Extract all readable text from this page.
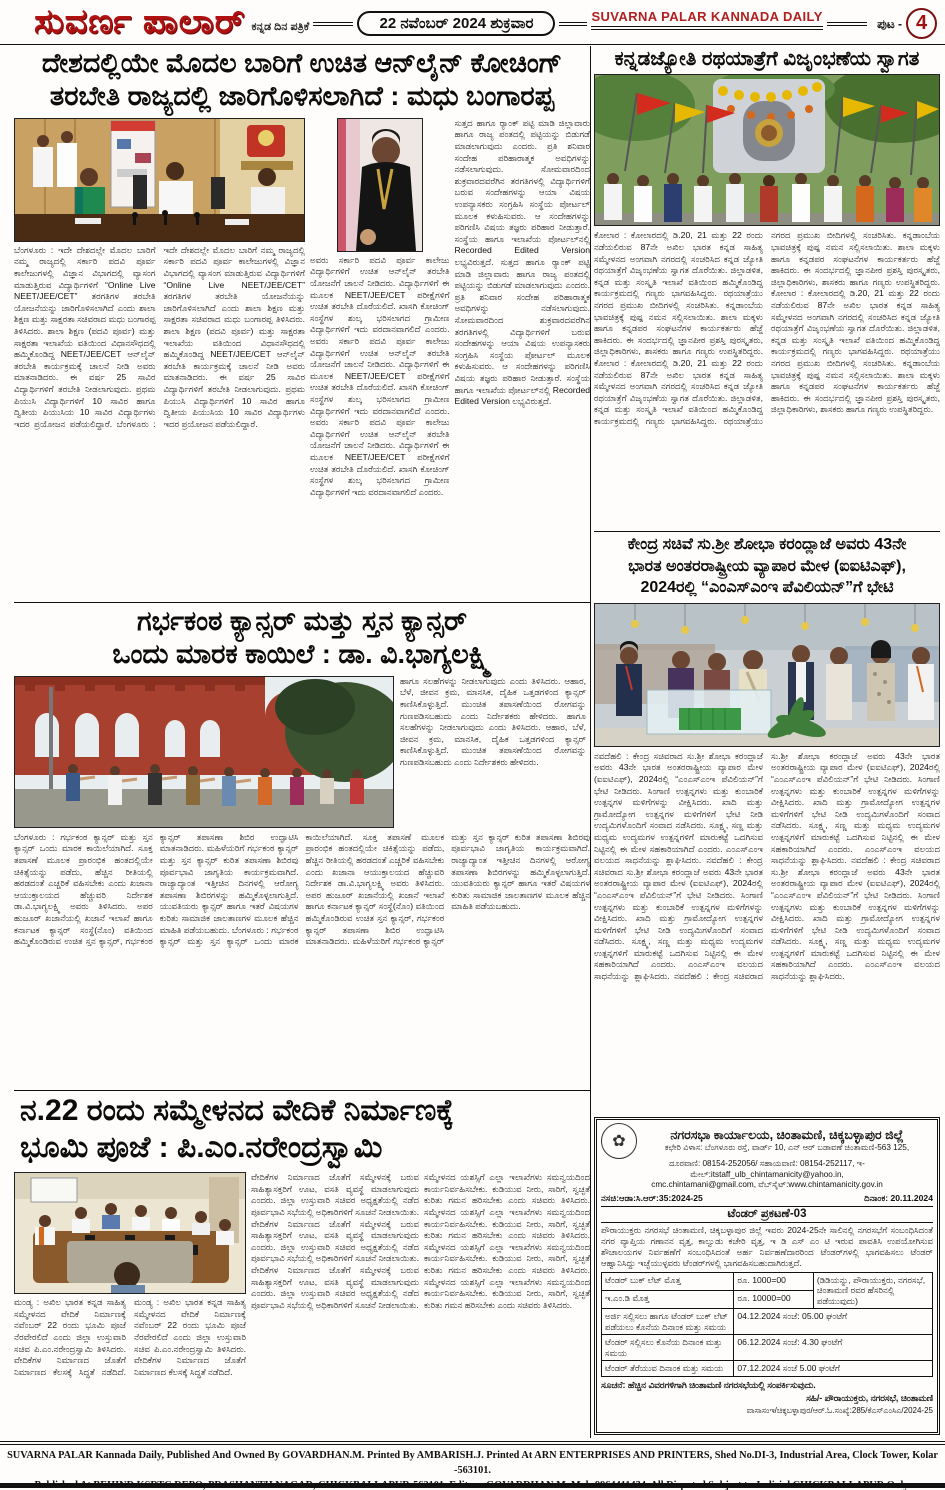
ಸುವರ್ಣ ಪಾಲಾರ್ ಕನ್ನಡ ದಿನ ಪತ್ರಿಕೆ	22 ನವೆಂಬರ್ 2024 ಶುಕ್ರವಾರ	SUVARNA PALAR KANNADA DAILY	ಪುಟ - 4
ದೇಶದಲ್ಲಿಯೇ ಮೊದಲ ಬಾರಿಗೆ ಉಚಿತ ಆನ್‌ಲೈನ್ ಕೋಚಿಂಗ್
ತರಬೇತಿ ರಾಜ್ಯದಲ್ಲಿ ಜಾರಿಗೊಳಿಸಲಾಗಿದೆ : ಮಧು ಬಂಗಾರಪ್ಪ
ಬೆಂಗಳೂರು : ಇದೇ ದೇಶದಲ್ಲೇ ಮೊದಲ ಬಾರಿಗೆ ನಮ್ಮ ರಾಜ್ಯದಲ್ಲಿ ಸರ್ಕಾರಿ ಪದವಿ ಪೂರ್ವ ಕಾಲೇಜುಗಳಲ್ಲಿ ವಿಜ್ಞಾನ ವಿಭಾಗದಲ್ಲಿ ವ್ಯಾಸಂಗ ಮಾಡುತ್ತಿರುವ ವಿದ್ಯಾರ್ಥಿಗಳಿಗೆ “Online Live NEET/JEE/CET” ತರಗತಿಗಳ ತರಬೇತಿ ಯೋಜನೆಯನ್ನು ಜಾರಿಗೊಳಿಸಲಾಗಿದೆ ಎಂದು ಶಾಲಾ ಶಿಕ್ಷಣ ಮತ್ತು ಸಾಕ್ಷರತಾ ಸಚಿವರಾದ ಮಧು ಬಂಗಾರಪ್ಪ ತಿಳಿಸಿದರು. ಶಾಲಾ ಶಿಕ್ಷಣ (ಪದವಿ ಪೂರ್ವ) ಮತ್ತು ಸಾಕ್ಷರತಾ ಇಲಾಖೆಯ ವತಿಯಿಂದ ವಿಧಾನಸೌಧದಲ್ಲಿ ಹಮ್ಮಿಕೊಂಡಿದ್ದ NEET/JEE/CET ಆನ್‌ಲೈನ್ ತರಬೇತಿ ಕಾರ್ಯಕ್ರಮಕ್ಕೆ ಚಾಲನೆ ನೀಡಿ ಅವರು ಮಾತನಾಡಿದರು. ಈ ವರ್ಷ 25 ಸಾವಿರ ವಿದ್ಯಾರ್ಥಿಗಳಿಗೆ ತರಬೇತಿ ನೀಡಲಾಗುವುದು. ಪ್ರಥಮ ಪಿಯುಸಿ ವಿದ್ಯಾರ್ಥಿಗಳಿಗೆ 10 ಸಾವಿರ ಹಾಗೂ ದ್ವಿತೀಯ ಪಿಯುಸಿಯ 10 ಸಾವಿರ ವಿದ್ಯಾರ್ಥಿಗಳು ಇದರ ಪ್ರಯೋಜನ ಪಡೆಯಲಿದ್ದಾರೆ. ಬೆಂಗಳೂರು : ಇದೇ ದೇಶದಲ್ಲೇ ಮೊದಲ ಬಾರಿಗೆ ನಮ್ಮ ರಾಜ್ಯದಲ್ಲಿ ಸರ್ಕಾರಿ ಪದವಿ ಪೂರ್ವ ಕಾಲೇಜುಗಳಲ್ಲಿ ವಿಜ್ಞಾನ ವಿಭಾಗದಲ್ಲಿ ವ್ಯಾಸಂಗ ಮಾಡುತ್ತಿರುವ ವಿದ್ಯಾರ್ಥಿಗಳಿಗೆ “Online Live NEET/JEE/CET” ತರಗತಿಗಳ ತರಬೇತಿ ಯೋಜನೆಯನ್ನು ಜಾರಿಗೊಳಿಸಲಾಗಿದೆ ಎಂದು ಶಾಲಾ ಶಿಕ್ಷಣ ಮತ್ತು ಸಾಕ್ಷರತಾ ಸಚಿವರಾದ ಮಧು ಬಂಗಾರಪ್ಪ ತಿಳಿಸಿದರು. ಶಾಲಾ ಶಿಕ್ಷಣ (ಪದವಿ ಪೂರ್ವ) ಮತ್ತು ಸಾಕ್ಷರತಾ ಇಲಾಖೆಯ ವತಿಯಿಂದ ವಿಧಾನಸೌಧದಲ್ಲಿ ಹಮ್ಮಿಕೊಂಡಿದ್ದ NEET/JEE/CET ಆನ್‌ಲೈನ್ ತರಬೇತಿ ಕಾರ್ಯಕ್ರಮಕ್ಕೆ ಚಾಲನೆ ನೀಡಿ ಅವರು ಮಾತನಾಡಿದರು. ಈ ವರ್ಷ 25 ಸಾವಿರ ವಿದ್ಯಾರ್ಥಿಗಳಿಗೆ ತರಬೇತಿ ನೀಡಲಾಗುವುದು. ಪ್ರಥಮ ಪಿಯುಸಿ ವಿದ್ಯಾರ್ಥಿಗಳಿಗೆ 10 ಸಾವಿರ ಹಾಗೂ ದ್ವಿತೀಯ ಪಿಯುಸಿಯ 10 ಸಾವಿರ ವಿದ್ಯಾರ್ಥಿಗಳು ಇದರ ಪ್ರಯೋಜನ ಪಡೆಯಲಿದ್ದಾರೆ.
ಅವರು ಸರ್ಕಾರಿ ಪದವಿ ಪೂರ್ವ ಕಾಲೇಜು ವಿದ್ಯಾರ್ಥಿಗಳಿಗೆ ಉಚಿತ ಆನ್‌ಲೈನ್ ತರಬೇತಿ ಯೋಜನೆಗೆ ಚಾಲನೆ ನೀಡಿದರು. ವಿದ್ಯಾರ್ಥಿಗಳಿಗೆ ಈ ಮೂಲಕ NEET/JEE/CET ಪರೀಕ್ಷೆಗಳಿಗೆ ಉಚಿತ ತರಬೇತಿ ದೊರೆಯಲಿದೆ. ಖಾಸಗಿ ಕೋಚಿಂಗ್ ಸಂಸ್ಥೆಗಳ ಶುಲ್ಕ ಭರಿಸಲಾಗದ ಗ್ರಾಮೀಣ ವಿದ್ಯಾರ್ಥಿಗಳಿಗೆ ಇದು ವರದಾನವಾಗಲಿದೆ ಎಂದರು. ಅವರು ಸರ್ಕಾರಿ ಪದವಿ ಪೂರ್ವ ಕಾಲೇಜು ವಿದ್ಯಾರ್ಥಿಗಳಿಗೆ ಉಚಿತ ಆನ್‌ಲೈನ್ ತರಬೇತಿ ಯೋಜನೆಗೆ ಚಾಲನೆ ನೀಡಿದರು. ವಿದ್ಯಾರ್ಥಿಗಳಿಗೆ ಈ ಮೂಲಕ NEET/JEE/CET ಪರೀಕ್ಷೆಗಳಿಗೆ ಉಚಿತ ತರಬೇತಿ ದೊರೆಯಲಿದೆ. ಖಾಸಗಿ ಕೋಚಿಂಗ್ ಸಂಸ್ಥೆಗಳ ಶುಲ್ಕ ಭರಿಸಲಾಗದ ಗ್ರಾಮೀಣ ವಿದ್ಯಾರ್ಥಿಗಳಿಗೆ ಇದು ವರದಾನವಾಗಲಿದೆ ಎಂದರು. ಅವರು ಸರ್ಕಾರಿ ಪದವಿ ಪೂರ್ವ ಕಾಲೇಜು ವಿದ್ಯಾರ್ಥಿಗಳಿಗೆ ಉಚಿತ ಆನ್‌ಲೈನ್ ತರಬೇತಿ ಯೋಜನೆಗೆ ಚಾಲನೆ ನೀಡಿದರು. ವಿದ್ಯಾರ್ಥಿಗಳಿಗೆ ಈ ಮೂಲಕ NEET/JEE/CET ಪರೀಕ್ಷೆಗಳಿಗೆ ಉಚಿತ ತರಬೇತಿ ದೊರೆಯಲಿದೆ. ಖಾಸಗಿ ಕೋಚಿಂಗ್ ಸಂಸ್ಥೆಗಳ ಶುಲ್ಕ ಭರಿಸಲಾಗದ ಗ್ರಾಮೀಣ ವಿದ್ಯಾರ್ಥಿಗಳಿಗೆ ಇದು ವರದಾನವಾಗಲಿದೆ ಎಂದರು.
ಸುತ್ತದ ಹಾಗೂ ರ‍್ಯಾಂಕ್ ಪಟ್ಟಿ ಮಾಡಿ ಜಿಲ್ಲಾವಾರು ಹಾಗೂ ರಾಜ್ಯ ಪಂತದಲ್ಲಿ ಪಟ್ಟಿಯನ್ನು ಬಿಡುಗಡೆ ಮಾಡಲಾಗುವುದು ಎಂದರು. ಪ್ರತಿ ಶನಿವಾರ ಸಂದೇಹ ಪರಿಹಾರಾತ್ಮಕ ಅವಧಿಗಳನ್ನು ನಡೆಸಲಾಗುವುದು. ಸೋಮವಾರದಿಂದ ಶುಕ್ರವಾರದವರೆಗಿನ ತರಗತಿಗಳಲ್ಲಿ ವಿದ್ಯಾರ್ಥಿಗಳಿಗೆ ಬರುವ ಸಂದೇಹಗಳನ್ನು ಆಯಾ ವಿಷಯ ಉಪನ್ಯಾಸಕರು ಸಂಗ್ರಹಿಸಿ ಸಂಸ್ಥೆಯ ಪೋರ್ಟಲ್ ಮೂಲಕ ಕಳುಹಿಸುವರು. ಆ ಸಂದೇಹಗಳನ್ನು ಪರಿಗಣಿಸಿ ವಿಷಯ ತಜ್ಞರು ಪರಿಹಾರ ನೀಡುತ್ತಾರೆ. ಸಂಸ್ಥೆಯ ಹಾಗೂ ಇಲಾಖೆಯ ಪೋರ್ಟಲ್‌ನಲ್ಲಿ Recorded Edited Version ಲಭ್ಯವಿರುತ್ತದೆ. ಸುತ್ತದ ಹಾಗೂ ರ‍್ಯಾಂಕ್ ಪಟ್ಟಿ ಮಾಡಿ ಜಿಲ್ಲಾವಾರು ಹಾಗೂ ರಾಜ್ಯ ಪಂತದಲ್ಲಿ ಪಟ್ಟಿಯನ್ನು ಬಿಡುಗಡೆ ಮಾಡಲಾಗುವುದು ಎಂದರು. ಪ್ರತಿ ಶನಿವಾರ ಸಂದೇಹ ಪರಿಹಾರಾತ್ಮಕ ಅವಧಿಗಳನ್ನು ನಡೆಸಲಾಗುವುದು. ಸೋಮವಾರದಿಂದ ಶುಕ್ರವಾರದವರೆಗಿನ ತರಗತಿಗಳಲ್ಲಿ ವಿದ್ಯಾರ್ಥಿಗಳಿಗೆ ಬರುವ ಸಂದೇಹಗಳನ್ನು ಆಯಾ ವಿಷಯ ಉಪನ್ಯಾಸಕರು ಸಂಗ್ರಹಿಸಿ ಸಂಸ್ಥೆಯ ಪೋರ್ಟಲ್ ಮೂಲಕ ಕಳುಹಿಸುವರು. ಆ ಸಂದೇಹಗಳನ್ನು ಪರಿಗಣಿಸಿ ವಿಷಯ ತಜ್ಞರು ಪರಿಹಾರ ನೀಡುತ್ತಾರೆ. ಸಂಸ್ಥೆಯ ಹಾಗೂ ಇಲಾಖೆಯ ಪೋರ್ಟಲ್‌ನಲ್ಲಿ Recorded Edited Version ಲಭ್ಯವಿರುತ್ತದೆ.
ಗರ್ಭಕಂಠ ಕ್ಯಾನ್ಸರ್ ಮತ್ತು ಸ್ತನ ಕ್ಯಾನ್ಸರ್
ಒಂದು ಮಾರಕ ಕಾಯಿಲೆ : ಡಾ. ವಿ.ಭಾಗ್ಯಲಕ್ಷ್ಮಿ
ಹಾಗೂ ಸಲಹೆಗಳನ್ನು ನೀಡಲಾಗುವುದು ಎಂದು ತಿಳಿಸಿದರು. ಆಹಾರ, ಬೆಳೆ, ಜೀವನ ಕ್ರಮ, ಮಾನಸಿಕ, ದೈಹಿಕ ಒತ್ತಡಗಳಿಂದ ಕ್ಯಾನ್ಸರ್ ಕಾಣಿಸಿಕೊಳ್ಳುತ್ತಿದೆ. ಮುಂಚಿತ ತಪಾಸಣೆಯಿಂದ ರೋಗವನ್ನು ಗುಣಪಡಿಸಬಹುದು ಎಂದು ನಿರ್ದೇಶಕರು ಹೇಳಿದರು. ಹಾಗೂ ಸಲಹೆಗಳನ್ನು ನೀಡಲಾಗುವುದು ಎಂದು ತಿಳಿಸಿದರು. ಆಹಾರ, ಬೆಳೆ, ಜೀವನ ಕ್ರಮ, ಮಾನಸಿಕ, ದೈಹಿಕ ಒತ್ತಡಗಳಿಂದ ಕ್ಯಾನ್ಸರ್ ಕಾಣಿಸಿಕೊಳ್ಳುತ್ತಿದೆ. ಮುಂಚಿತ ತಪಾಸಣೆಯಿಂದ ರೋಗವನ್ನು ಗುಣಪಡಿಸಬಹುದು ಎಂದು ನಿರ್ದೇಶಕರು ಹೇಳಿದರು.
ಬೆಂಗಳೂರು : ಗರ್ಭಕಂಠ ಕ್ಯಾನ್ಸರ್ ಮತ್ತು ಸ್ತನ ಕ್ಯಾನ್ಸರ್ ಒಂದು ಮಾರಕ ಕಾಯಿಲೆಯಾಗಿದೆ. ಸೂಕ್ತ ತಪಾಸಣೆ ಮೂಲಕ ಪ್ರಾರಂಭಿಕ ಹಂತದಲ್ಲಿಯೇ ಚಿಕಿತ್ಸೆಯನ್ನು ಪಡೆದು, ಹೆಚ್ಚಿನ ರೀತಿಯಲ್ಲಿ ಹರಡದಂತೆ ಎಚ್ಚರಿಕೆ ವಹಿಸಬೇಕು ಎಂದು ಖಜಾನಾ ಆಯುಕ್ತಾಲಯದ ಹೆಚ್ಚುವರಿ ನಿರ್ದೇಶಕ ಡಾ.ವಿ.ಭಾಗ್ಯಲಕ್ಷ್ಮಿ ಅವರು ತಿಳಿಸಿದರು. ಅಪರ ಹುಜೂರ್ ಖಜಾನೆಯಲ್ಲಿ ಖಜಾನೆ ಇಲಾಖೆ ಹಾಗೂ ಕರ್ನಾಟಕ ಕ್ಯಾನ್ಸರ್ ಸಂಸ್ಥೆ(ನೊಂ) ವತಿಯಿಂದ ಹಮ್ಮಿಕೊಂಡಿರುವ ಉಚಿತ ಸ್ತನ ಕ್ಯಾನ್ಸರ್, ಗರ್ಭಕಂಠ ಕ್ಯಾನ್ಸರ್ ತಪಾಸಣಾ ಶಿಬಿರ ಉದ್ಘಾಟಿಸಿ ಮಾತನಾಡಿದರು. ಮಹಿಳೆಯರಿಗೆ ಗರ್ಭಕಂಠ ಕ್ಯಾನ್ಸರ್ ಮತ್ತು ಸ್ತನ ಕ್ಯಾನ್ಸರ್ ಕುರಿತ ತಪಾಸಣಾ ಶಿಬಿರವು ಪೂರ್ವಭಾವಿ ಜಾಗೃತಿಯ ಕಾರ್ಯಕ್ರಮವಾಗಿದೆ. ರಾಜ್ಯಾದ್ಯಾಂತ ಇತ್ತೀಚಿನ ದಿನಗಳಲ್ಲಿ ಆರೋಗ್ಯ ತಪಾಸಣಾ ಶಿಬಿರಗಳನ್ನು ಹಮ್ಮಿಕೊಳ್ಳಲಾಗುತ್ತಿದೆ. ಯುವತಿಯರು ಕ್ಯಾನ್ಸರ್ ಹಾಗೂ ಇತರೆ ವಿಷಯಗಳ ಕುರಿತು ಸಾಮಾಜಿಕ ಜಾಲತಾಣಗಳ ಮೂಲಕ ಹೆಚ್ಚಿನ ಮಾಹಿತಿ ಪಡೆಯಬಹುದು. ಬೆಂಗಳೂರು : ಗರ್ಭಕಂಠ ಕ್ಯಾನ್ಸರ್ ಮತ್ತು ಸ್ತನ ಕ್ಯಾನ್ಸರ್ ಒಂದು ಮಾರಕ ಕಾಯಿಲೆಯಾಗಿದೆ. ಸೂಕ್ತ ತಪಾಸಣೆ ಮೂಲಕ ಪ್ರಾರಂಭಿಕ ಹಂತದಲ್ಲಿಯೇ ಚಿಕಿತ್ಸೆಯನ್ನು ಪಡೆದು, ಹೆಚ್ಚಿನ ರೀತಿಯಲ್ಲಿ ಹರಡದಂತೆ ಎಚ್ಚರಿಕೆ ವಹಿಸಬೇಕು ಎಂದು ಖಜಾನಾ ಆಯುಕ್ತಾಲಯದ ಹೆಚ್ಚುವರಿ ನಿರ್ದೇಶಕ ಡಾ.ವಿ.ಭಾಗ್ಯಲಕ್ಷ್ಮಿ ಅವರು ತಿಳಿಸಿದರು. ಅಪರ ಹುಜೂರ್ ಖಜಾನೆಯಲ್ಲಿ ಖಜಾನೆ ಇಲಾಖೆ ಹಾಗೂ ಕರ್ನಾಟಕ ಕ್ಯಾನ್ಸರ್ ಸಂಸ್ಥೆ(ನೊಂ) ವತಿಯಿಂದ ಹಮ್ಮಿಕೊಂಡಿರುವ ಉಚಿತ ಸ್ತನ ಕ್ಯಾನ್ಸರ್, ಗರ್ಭಕಂಠ ಕ್ಯಾನ್ಸರ್ ತಪಾಸಣಾ ಶಿಬಿರ ಉದ್ಘಾಟಿಸಿ ಮಾತನಾಡಿದರು. ಮಹಿಳೆಯರಿಗೆ ಗರ್ಭಕಂಠ ಕ್ಯಾನ್ಸರ್ ಮತ್ತು ಸ್ತನ ಕ್ಯಾನ್ಸರ್ ಕುರಿತ ತಪಾಸಣಾ ಶಿಬಿರವು ಪೂರ್ವಭಾವಿ ಜಾಗೃತಿಯ ಕಾರ್ಯಕ್ರಮವಾಗಿದೆ. ರಾಜ್ಯಾದ್ಯಾಂತ ಇತ್ತೀಚಿನ ದಿನಗಳಲ್ಲಿ ಆರೋಗ್ಯ ತಪಾಸಣಾ ಶಿಬಿರಗಳನ್ನು ಹಮ್ಮಿಕೊಳ್ಳಲಾಗುತ್ತಿದೆ. ಯುವತಿಯರು ಕ್ಯಾನ್ಸರ್ ಹಾಗೂ ಇತರೆ ವಿಷಯಗಳ ಕುರಿತು ಸಾಮಾಜಿಕ ಜಾಲತಾಣಗಳ ಮೂಲಕ ಹೆಚ್ಚಿನ ಮಾಹಿತಿ ಪಡೆಯಬಹುದು.
ನ.22 ರಂದು ಸಮ್ಮೇಳನದ ವೇದಿಕೆ ನಿರ್ಮಾಣಕ್ಕೆ
ಭೂಮಿ ಪೂಜೆ : ಪಿ.ಎಂ.ನರೇಂದ್ರಸ್ವಾಮಿ
ಮಂಡ್ಯ : ಅಖಿಲ ಭಾರತ ಕನ್ನಡ ಸಾಹಿತ್ಯ ಸಮ್ಮೇಳನದ ವೇದಿಕೆ ನಿರ್ಮಾಣಕ್ಕೆ ನವೆಂಬರ್ 22 ರಂದು ಭೂಮಿ ಪೂಜೆ ನೆರವೇರಲಿದೆ ಎಂದು ಜಿಲ್ಲಾ ಉಸ್ತುವಾರಿ ಸಚಿವ ಪಿ.ಎಂ.ನರೇಂದ್ರಸ್ವಾಮಿ ತಿಳಿಸಿದರು. ವೇದಿಕೆಗಳ ನಿರ್ಮಾಣದ ಜೊತೆಗೆ ನಿರ್ಮಾಣದ ಕೆಲಸಕ್ಕೆ ಸಿದ್ಧತೆ ನಡೆದಿದೆ. ಮಂಡ್ಯ : ಅಖಿಲ ಭಾರತ ಕನ್ನಡ ಸಾಹಿತ್ಯ ಸಮ್ಮೇಳನದ ವೇದಿಕೆ ನಿರ್ಮಾಣಕ್ಕೆ ನವೆಂಬರ್ 22 ರಂದು ಭೂಮಿ ಪೂಜೆ ನೆರವೇರಲಿದೆ ಎಂದು ಜಿಲ್ಲಾ ಉಸ್ತುವಾರಿ ಸಚಿವ ಪಿ.ಎಂ.ನರೇಂದ್ರಸ್ವಾಮಿ ತಿಳಿಸಿದರು. ವೇದಿಕೆಗಳ ನಿರ್ಮಾಣದ ಜೊತೆಗೆ ನಿರ್ಮಾಣದ ಕೆಲಸಕ್ಕೆ ಸಿದ್ಧತೆ ನಡೆದಿದೆ.
ವೇದಿಕೆಗಳ ನಿರ್ಮಾಣದ ಜೊತೆಗೆ ಸಮ್ಮೇಳನಕ್ಕೆ ಬರುವ ಸಾಹಿತ್ಯಾಸಕ್ತರಿಗೆ ಊಟ, ವಸತಿ ವ್ಯವಸ್ಥೆ ಮಾಡಲಾಗುವುದು ಎಂದರು. ಜಿಲ್ಲಾ ಉಸ್ತುವಾರಿ ಸಚಿವರ ಅಧ್ಯಕ್ಷತೆಯಲ್ಲಿ ನಡೆದ ಪೂರ್ವಭಾವಿ ಸಭೆಯಲ್ಲಿ ಅಧಿಕಾರಿಗಳಿಗೆ ಸೂಚನೆ ನೀಡಲಾಯಿತು. ವೇದಿಕೆಗಳ ನಿರ್ಮಾಣದ ಜೊತೆಗೆ ಸಮ್ಮೇಳನಕ್ಕೆ ಬರುವ ಸಾಹಿತ್ಯಾಸಕ್ತರಿಗೆ ಊಟ, ವಸತಿ ವ್ಯವಸ್ಥೆ ಮಾಡಲಾಗುವುದು ಎಂದರು. ಜಿಲ್ಲಾ ಉಸ್ತುವಾರಿ ಸಚಿವರ ಅಧ್ಯಕ್ಷತೆಯಲ್ಲಿ ನಡೆದ ಪೂರ್ವಭಾವಿ ಸಭೆಯಲ್ಲಿ ಅಧಿಕಾರಿಗಳಿಗೆ ಸೂಚನೆ ನೀಡಲಾಯಿತು. ವೇದಿಕೆಗಳ ನಿರ್ಮಾಣದ ಜೊತೆಗೆ ಸಮ್ಮೇಳನಕ್ಕೆ ಬರುವ ಸಾಹಿತ್ಯಾಸಕ್ತರಿಗೆ ಊಟ, ವಸತಿ ವ್ಯವಸ್ಥೆ ಮಾಡಲಾಗುವುದು ಎಂದರು. ಜಿಲ್ಲಾ ಉಸ್ತುವಾರಿ ಸಚಿವರ ಅಧ್ಯಕ್ಷತೆಯಲ್ಲಿ ನಡೆದ ಪೂರ್ವಭಾವಿ ಸಭೆಯಲ್ಲಿ ಅಧಿಕಾರಿಗಳಿಗೆ ಸೂಚನೆ ನೀಡಲಾಯಿತು.
ಸಮ್ಮೇಳನದ ಯಶಸ್ಸಿಗೆ ಎಲ್ಲಾ ಇಲಾಖೆಗಳು ಸಮನ್ವಯದಿಂದ ಕಾರ್ಯನಿರ್ವಹಿಸಬೇಕು. ಕುಡಿಯುವ ನೀರು, ಸಾರಿಗೆ, ಸ್ವಚ್ಛತೆ ಕುರಿತು ಗಮನ ಹರಿಸಬೇಕು ಎಂದು ಸಚಿವರು ತಿಳಿಸಿದರು. ಸಮ್ಮೇಳನದ ಯಶಸ್ಸಿಗೆ ಎಲ್ಲಾ ಇಲಾಖೆಗಳು ಸಮನ್ವಯದಿಂದ ಕಾರ್ಯನಿರ್ವಹಿಸಬೇಕು. ಕುಡಿಯುವ ನೀರು, ಸಾರಿಗೆ, ಸ್ವಚ್ಛತೆ ಕುರಿತು ಗಮನ ಹರಿಸಬೇಕು ಎಂದು ಸಚಿವರು ತಿಳಿಸಿದರು. ಸಮ್ಮೇಳನದ ಯಶಸ್ಸಿಗೆ ಎಲ್ಲಾ ಇಲಾಖೆಗಳು ಸಮನ್ವಯದಿಂದ ಕಾರ್ಯನಿರ್ವಹಿಸಬೇಕು. ಕುಡಿಯುವ ನೀರು, ಸಾರಿಗೆ, ಸ್ವಚ್ಛತೆ ಕುರಿತು ಗಮನ ಹರಿಸಬೇಕು ಎಂದು ಸಚಿವರು ತಿಳಿಸಿದರು. ಸಮ್ಮೇಳನದ ಯಶಸ್ಸಿಗೆ ಎಲ್ಲಾ ಇಲಾಖೆಗಳು ಸಮನ್ವಯದಿಂದ ಕಾರ್ಯನಿರ್ವಹಿಸಬೇಕು. ಕುಡಿಯುವ ನೀರು, ಸಾರಿಗೆ, ಸ್ವಚ್ಛತೆ ಕುರಿತು ಗಮನ ಹರಿಸಬೇಕು ಎಂದು ಸಚಿವರು ತಿಳಿಸಿದರು.
ಕನ್ನಡಜ್ಯೋತಿ ರಥಯಾತ್ರೆಗೆ ವಿಜೃಂಭಣೆಯ ಸ್ವಾಗತ
ಕೋಲಾರ : ಕೋಲಾರದಲ್ಲಿ ಡಿ.20, 21 ಮತ್ತು 22 ರಂದು ನಡೆಯಲಿರುವ 87ನೇ ಅಖಿಲ ಭಾರತ ಕನ್ನಡ ಸಾಹಿತ್ಯ ಸಮ್ಮೇಳನದ ಅಂಗವಾಗಿ ನಗರದಲ್ಲಿ ಸಂಚರಿಸಿದ ಕನ್ನಡ ಜ್ಯೋತಿ ರಥಯಾತ್ರೆಗೆ ವಿಜೃಂಭಣೆಯ ಸ್ವಾಗತ ದೊರೆಯಿತು. ಜಿಲ್ಲಾಡಳಿತ, ಕನ್ನಡ ಮತ್ತು ಸಂಸ್ಕೃತಿ ಇಲಾಖೆ ವತಿಯಿಂದ ಹಮ್ಮಿಕೊಂಡಿದ್ದ ಕಾರ್ಯಕ್ರಮದಲ್ಲಿ ಗಣ್ಯರು ಭಾಗವಹಿಸಿದ್ದರು. ರಥಯಾತ್ರೆಯು ನಗರದ ಪ್ರಮುಖ ಬೀದಿಗಳಲ್ಲಿ ಸಂಚರಿಸಿತು. ಕನ್ನಡಾಂಬೆಯ ಭಾವಚಿತ್ರಕ್ಕೆ ಪುಷ್ಪ ನಮನ ಸಲ್ಲಿಸಲಾಯಿತು. ಶಾಲಾ ಮಕ್ಕಳು ಹಾಗೂ ಕನ್ನಡಪರ ಸಂಘಟನೆಗಳ ಕಾರ್ಯಕರ್ತರು ಹೆಜ್ಜೆ ಹಾಕಿದರು. ಈ ಸಂದರ್ಭದಲ್ಲಿ ಜ್ಞಾನಪೀಠ ಪ್ರಶಸ್ತಿ ಪುರಸ್ಕೃತರು, ಜಿಲ್ಲಾಧಿಕಾರಿಗಳು, ಶಾಸಕರು ಹಾಗೂ ಗಣ್ಯರು ಉಪಸ್ಥಿತರಿದ್ದರು. ಕೋಲಾರ : ಕೋಲಾರದಲ್ಲಿ ಡಿ.20, 21 ಮತ್ತು 22 ರಂದು ನಡೆಯಲಿರುವ 87ನೇ ಅಖಿಲ ಭಾರತ ಕನ್ನಡ ಸಾಹಿತ್ಯ ಸಮ್ಮೇಳನದ ಅಂಗವಾಗಿ ನಗರದಲ್ಲಿ ಸಂಚರಿಸಿದ ಕನ್ನಡ ಜ್ಯೋತಿ ರಥಯಾತ್ರೆಗೆ ವಿಜೃಂಭಣೆಯ ಸ್ವಾಗತ ದೊರೆಯಿತು. ಜಿಲ್ಲಾಡಳಿತ, ಕನ್ನಡ ಮತ್ತು ಸಂಸ್ಕೃತಿ ಇಲಾಖೆ ವತಿಯಿಂದ ಹಮ್ಮಿಕೊಂಡಿದ್ದ ಕಾರ್ಯಕ್ರಮದಲ್ಲಿ ಗಣ್ಯರು ಭಾಗವಹಿಸಿದ್ದರು. ರಥಯಾತ್ರೆಯು ನಗರದ ಪ್ರಮುಖ ಬೀದಿಗಳಲ್ಲಿ ಸಂಚರಿಸಿತು. ಕನ್ನಡಾಂಬೆಯ ಭಾವಚಿತ್ರಕ್ಕೆ ಪುಷ್ಪ ನಮನ ಸಲ್ಲಿಸಲಾಯಿತು. ಶಾಲಾ ಮಕ್ಕಳು ಹಾಗೂ ಕನ್ನಡಪರ ಸಂಘಟನೆಗಳ ಕಾರ್ಯಕರ್ತರು ಹೆಜ್ಜೆ ಹಾಕಿದರು. ಈ ಸಂದರ್ಭದಲ್ಲಿ ಜ್ಞಾನಪೀಠ ಪ್ರಶಸ್ತಿ ಪುರಸ್ಕೃತರು, ಜಿಲ್ಲಾಧಿಕಾರಿಗಳು, ಶಾಸಕರು ಹಾಗೂ ಗಣ್ಯರು ಉಪಸ್ಥಿತರಿದ್ದರು. ಕೋಲಾರ : ಕೋಲಾರದಲ್ಲಿ ಡಿ.20, 21 ಮತ್ತು 22 ರಂದು ನಡೆಯಲಿರುವ 87ನೇ ಅಖಿಲ ಭಾರತ ಕನ್ನಡ ಸಾಹಿತ್ಯ ಸಮ್ಮೇಳನದ ಅಂಗವಾಗಿ ನಗರದಲ್ಲಿ ಸಂಚರಿಸಿದ ಕನ್ನಡ ಜ್ಯೋತಿ ರಥಯಾತ್ರೆಗೆ ವಿಜೃಂಭಣೆಯ ಸ್ವಾಗತ ದೊರೆಯಿತು. ಜಿಲ್ಲಾಡಳಿತ, ಕನ್ನಡ ಮತ್ತು ಸಂಸ್ಕೃತಿ ಇಲಾಖೆ ವತಿಯಿಂದ ಹಮ್ಮಿಕೊಂಡಿದ್ದ ಕಾರ್ಯಕ್ರಮದಲ್ಲಿ ಗಣ್ಯರು ಭಾಗವಹಿಸಿದ್ದರು. ರಥಯಾತ್ರೆಯು ನಗರದ ಪ್ರಮುಖ ಬೀದಿಗಳಲ್ಲಿ ಸಂಚರಿಸಿತು. ಕನ್ನಡಾಂಬೆಯ ಭಾವಚಿತ್ರಕ್ಕೆ ಪುಷ್ಪ ನಮನ ಸಲ್ಲಿಸಲಾಯಿತು. ಶಾಲಾ ಮಕ್ಕಳು ಹಾಗೂ ಕನ್ನಡಪರ ಸಂಘಟನೆಗಳ ಕಾರ್ಯಕರ್ತರು ಹೆಜ್ಜೆ ಹಾಕಿದರು. ಈ ಸಂದರ್ಭದಲ್ಲಿ ಜ್ಞಾನಪೀಠ ಪ್ರಶಸ್ತಿ ಪುರಸ್ಕೃತರು, ಜಿಲ್ಲಾಧಿಕಾರಿಗಳು, ಶಾಸಕರು ಹಾಗೂ ಗಣ್ಯರು ಉಪಸ್ಥಿತರಿದ್ದರು.
ಕೇಂದ್ರ ಸಚಿವೆ ಸು.ಶ್ರೀ ಶೋಭಾ ಕರಂದ್ಲಾಜೆ ಅವರು 43ನೇ
ಭಾರತ ಅಂತರರಾಷ್ಟ್ರೀಯ ವ್ಯಾಪಾರ ಮೇಳ (ಐಐಟಿಎಫ್),
2024ರಲ್ಲಿ “ಎಂಎಸ್ಎಂಇ ಪೆವಿಲಿಯನ್”ಗೆ ಭೇಟಿ
ನವದೆಹಲಿ : ಕೇಂದ್ರ ಸಚಿವರಾದ ಸು.ಶ್ರೀ ಶೋಭಾ ಕರಂದ್ಲಾಜೆ ಅವರು 43ನೇ ಭಾರತ ಅಂತರರಾಷ್ಟ್ರೀಯ ವ್ಯಾಪಾರ ಮೇಳ (ಐಐಟಿಎಫ್), 2024ರಲ್ಲಿ “ಎಂಎಸ್ಎಂಇ ಪೆವಿಲಿಯನ್”ಗೆ ಭೇಟಿ ನೀಡಿದರು. ಸಿಂಗಾಣಿ ಉತ್ಪನ್ನಗಳು ಮತ್ತು ಕುಂಬಾರಿಕೆ ಉತ್ಪನ್ನಗಳ ಮಳಿಗೆಗಳನ್ನು ವೀಕ್ಷಿಸಿದರು. ಖಾದಿ ಮತ್ತು ಗ್ರಾಮೋದ್ಯೋಗ ಉತ್ಪನ್ನಗಳ ಮಳಿಗೆಗಳಿಗೆ ಭೇಟಿ ನೀಡಿ ಉದ್ಯಮಿಗಳೊಂದಿಗೆ ಸಂವಾದ ನಡೆಸಿದರು. ಸೂಕ್ಷ್ಮ, ಸಣ್ಣ ಮತ್ತು ಮಧ್ಯಮ ಉದ್ಯಮಗಳ ಉತ್ಪನ್ನಗಳಿಗೆ ಮಾರುಕಟ್ಟೆ ಒದಗಿಸುವ ನಿಟ್ಟಿನಲ್ಲಿ ಈ ಮೇಳ ಸಹಕಾರಿಯಾಗಿದೆ ಎಂದರು. ಎಂಎಸ್ಎಂಇ ವಲಯದ ಸಾಧನೆಯನ್ನು ಶ್ಲಾಘಿಸಿದರು. ನವದೆಹಲಿ : ಕೇಂದ್ರ ಸಚಿವರಾದ ಸು.ಶ್ರೀ ಶೋಭಾ ಕರಂದ್ಲಾಜೆ ಅವರು 43ನೇ ಭಾರತ ಅಂತರರಾಷ್ಟ್ರೀಯ ವ್ಯಾಪಾರ ಮೇಳ (ಐಐಟಿಎಫ್), 2024ರಲ್ಲಿ “ಎಂಎಸ್ಎಂಇ ಪೆವಿಲಿಯನ್”ಗೆ ಭೇಟಿ ನೀಡಿದರು. ಸಿಂಗಾಣಿ ಉತ್ಪನ್ನಗಳು ಮತ್ತು ಕುಂಬಾರಿಕೆ ಉತ್ಪನ್ನಗಳ ಮಳಿಗೆಗಳನ್ನು ವೀಕ್ಷಿಸಿದರು. ಖಾದಿ ಮತ್ತು ಗ್ರಾಮೋದ್ಯೋಗ ಉತ್ಪನ್ನಗಳ ಮಳಿಗೆಗಳಿಗೆ ಭೇಟಿ ನೀಡಿ ಉದ್ಯಮಿಗಳೊಂದಿಗೆ ಸಂವಾದ ನಡೆಸಿದರು. ಸೂಕ್ಷ್ಮ, ಸಣ್ಣ ಮತ್ತು ಮಧ್ಯಮ ಉದ್ಯಮಗಳ ಉತ್ಪನ್ನಗಳಿಗೆ ಮಾರುಕಟ್ಟೆ ಒದಗಿಸುವ ನಿಟ್ಟಿನಲ್ಲಿ ಈ ಮೇಳ ಸಹಕಾರಿಯಾಗಿದೆ ಎಂದರು. ಎಂಎಸ್ಎಂಇ ವಲಯದ ಸಾಧನೆಯನ್ನು ಶ್ಲಾಘಿಸಿದರು. ನವದೆಹಲಿ : ಕೇಂದ್ರ ಸಚಿವರಾದ ಸು.ಶ್ರೀ ಶೋಭಾ ಕರಂದ್ಲಾಜೆ ಅವರು 43ನೇ ಭಾರತ ಅಂತರರಾಷ್ಟ್ರೀಯ ವ್ಯಾಪಾರ ಮೇಳ (ಐಐಟಿಎಫ್), 2024ರಲ್ಲಿ “ಎಂಎಸ್ಎಂಇ ಪೆವಿಲಿಯನ್”ಗೆ ಭೇಟಿ ನೀಡಿದರು. ಸಿಂಗಾಣಿ ಉತ್ಪನ್ನಗಳು ಮತ್ತು ಕುಂಬಾರಿಕೆ ಉತ್ಪನ್ನಗಳ ಮಳಿಗೆಗಳನ್ನು ವೀಕ್ಷಿಸಿದರು. ಖಾದಿ ಮತ್ತು ಗ್ರಾಮೋದ್ಯೋಗ ಉತ್ಪನ್ನಗಳ ಮಳಿಗೆಗಳಿಗೆ ಭೇಟಿ ನೀಡಿ ಉದ್ಯಮಿಗಳೊಂದಿಗೆ ಸಂವಾದ ನಡೆಸಿದರು. ಸೂಕ್ಷ್ಮ, ಸಣ್ಣ ಮತ್ತು ಮಧ್ಯಮ ಉದ್ಯಮಗಳ ಉತ್ಪನ್ನಗಳಿಗೆ ಮಾರುಕಟ್ಟೆ ಒದಗಿಸುವ ನಿಟ್ಟಿನಲ್ಲಿ ಈ ಮೇಳ ಸಹಕಾರಿಯಾಗಿದೆ ಎಂದರು. ಎಂಎಸ್ಎಂಇ ವಲಯದ ಸಾಧನೆಯನ್ನು ಶ್ಲಾಘಿಸಿದರು. ನವದೆಹಲಿ : ಕೇಂದ್ರ ಸಚಿವರಾದ ಸು.ಶ್ರೀ ಶೋಭಾ ಕರಂದ್ಲಾಜೆ ಅವರು 43ನೇ ಭಾರತ ಅಂತರರಾಷ್ಟ್ರೀಯ ವ್ಯಾಪಾರ ಮೇಳ (ಐಐಟಿಎಫ್), 2024ರಲ್ಲಿ “ಎಂಎಸ್ಎಂಇ ಪೆವಿಲಿಯನ್”ಗೆ ಭೇಟಿ ನೀಡಿದರು. ಸಿಂಗಾಣಿ ಉತ್ಪನ್ನಗಳು ಮತ್ತು ಕುಂಬಾರಿಕೆ ಉತ್ಪನ್ನಗಳ ಮಳಿಗೆಗಳನ್ನು ವೀಕ್ಷಿಸಿದರು. ಖಾದಿ ಮತ್ತು ಗ್ರಾಮೋದ್ಯೋಗ ಉತ್ಪನ್ನಗಳ ಮಳಿಗೆಗಳಿಗೆ ಭೇಟಿ ನೀಡಿ ಉದ್ಯಮಿಗಳೊಂದಿಗೆ ಸಂವಾದ ನಡೆಸಿದರು. ಸೂಕ್ಷ್ಮ, ಸಣ್ಣ ಮತ್ತು ಮಧ್ಯಮ ಉದ್ಯಮಗಳ ಉತ್ಪನ್ನಗಳಿಗೆ ಮಾರುಕಟ್ಟೆ ಒದಗಿಸುವ ನಿಟ್ಟಿನಲ್ಲಿ ಈ ಮೇಳ ಸಹಕಾರಿಯಾಗಿದೆ ಎಂದರು. ಎಂಎಸ್ಎಂಇ ವಲಯದ ಸಾಧನೆಯನ್ನು ಶ್ಲಾಘಿಸಿದರು.
✿	ನಗರಸಭಾ ಕಾರ್ಯಾಲಯ, ಚಿಂತಾಮಣಿ, ಚಿಕ್ಕಬಳ್ಳಾಪುರ ಜಿಲ್ಲೆ
ಕಛೇರಿ ವಿಳಾಸ: ಬೆಂಗಳೂರು ರಸ್ತೆ, ವಾರ್ಡ್ 10, ಎನ್ ಆರ್ ಬಡಾವಣೆ ಚಿಂತಾಮಣಿ-563 125,
ದೂರವಾಣಿ: 08154-252056/ ಸಹಾಯವಾಣಿ: 08154-252117, ಇ-ಮೇಲ್:itstaff_ulb_chintamanicity@yahoo.in,
cmc.chintamani@gmail.com, ವೆಬ್‌ಸೈಟ್:www.chintamanicity.gov.in
ನಸಚಿ:ಆಡಾ:ಸಿ.ಆರ್:35:2024-25	ದಿನಾಂಕ: 20.11.2024
ಟೆಂಡರ್ ಪ್ರಕಟಣೆ-03
ಪೌರಾಯುಕ್ತರು ನಗರಸಭೆ ಚಿಂತಾಮಣಿ, ಚಿಕ್ಕಬಳ್ಳಾಪುರ ಜಿಲ್ಲೆ ಇವರು 2024-25ನೇ ಸಾಲಿನಲ್ಲಿ ನಗರಸಭೆಗೆ ಸಂಬಂಧಿಸಿದಂತೆ ನಗರ ವ್ಯಾಪ್ತಿಯ ಗಣಾನನ ವೃತ್ತ, ಕಾಲ್ವುಡು ಕಚೇರಿ ವೃತ್ತ, ಇ ಡಿ ಎಸ್ ಎಂ ಟಿ ಇರುವ ಪಾವತಿಸಿ ಉಪಯೋಗಿಸುವ ಶೌಚಾಲಯಗಳ ನಿರ್ವಹಣೆಗೆ ಸಂಬಂಧಿಸಿದಂತೆ ಅರ್ಹ ನಿರ್ವಹಣೆದಾರರಿಂದ ಟೆಂಡರ್‌ಗಳಲ್ಲಿ ಭಾಗವಹಿಸಲು ಟೆಂಡರ್ ಆಹ್ವಾನಿಸಿದ್ದು ಇಚ್ಛೆಯುಳ್ಳವರು ಟೆಂಡರ್‌ಗಳಲ್ಲಿ ಭಾಗವಹಿಸಬಹುದಾಗಿರುತ್ತದೆ.
ಟೆಂಡರ್ ಬುಕ್ ಲೆಟ್ ಮೊತ್ತ	ರೂ. 1000=00	(ಡಿಡಿಯನ್ನು, ಪೌರಾಯುಕ್ತರು, ನಗರಸಭೆ, ಚಿಂತಾಮಣಿ ರವರ ಹೆಸರಿನಲ್ಲಿ ಪಡೆಯುವುದು)
ಇ.ಎಂ.ಡಿ ಮೊತ್ತ	ರೂ. 10000=00	
ಅರ್ಜಿ ಸಲ್ಲಿಸಲು ಹಾಗೂ ಟೆಂಡರ್ ಬುಕ್ ಲೆಟ್ ಪಡೆಯಲು ಕೊನೆಯ ದಿನಾಂಕ ಮತ್ತು ಸಮಯ	04.12.2024 ಸಂಜೆ: 05.00 ಘಂಟೆಗೆ	
ಟೆಂಡರ್ ಸಲ್ಲಿಸಲು ಕೊನೆಯ ದಿನಾಂಕ ಮತ್ತು ಸಮಯ	06.12.2024 ಸಂಜೆ: 4.30 ಘಂಟೆಗೆ	
ಟೆಂಡರ್ ತೆರೆಯುವ ದಿನಾಂಕ ಮತ್ತು ಸಮಯ	07.12.2024 ಸಂಜೆ 5.00 ಘಂಟೆಗೆ	
ಸೂಚನೆ: ಹೆಚ್ಚಿನ ವಿವರಗಳಿಗಾಗಿ ಚಿಂತಾಮಣಿ ನಗರಸಭೆಯಲ್ಲಿ ಸಂಪರ್ಕಿಸುವುದು.
ಸಹಿ/- ಪೌರಾಯುಕ್ತರು, ನಗರಸಭೆ, ಚಿಂತಾಮಣಿ
ವಾಸಾಸಂಇ/ಚಿಕ್ಕಬಳ್ಳಾಪುರ/ಆರ್.ಓ.ಸಂಖ್ಯೆ:285/ಕೆಎಸ್ಎಂಸಿಎ/2024-25
SUVARNA PALAR Kannada Daily, Published And Owned By GOVARDHAN.M. Printed By AMBARISH.J. Printed At ARN ENTERPRISES AND PRINTERS, Shed No.DI-3, Industrial Area, Clock Tower, Kolar -563101.
